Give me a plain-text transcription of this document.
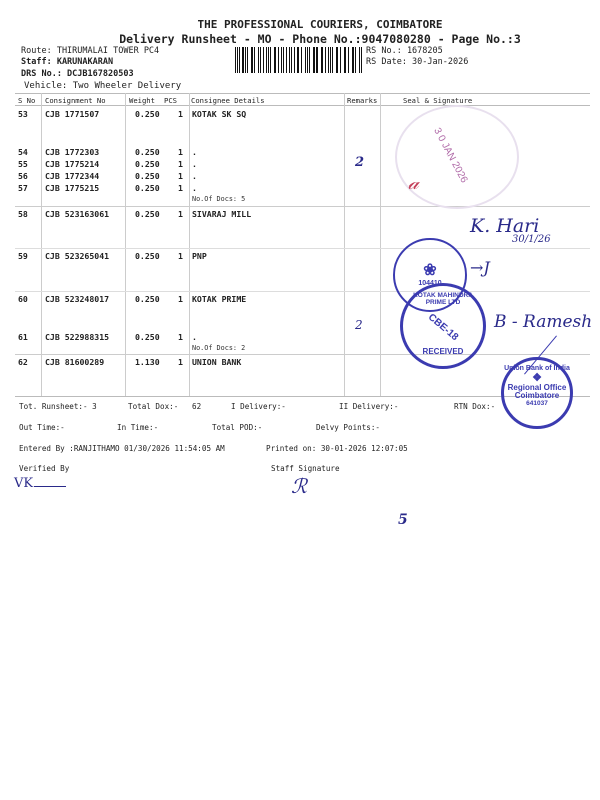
THE PROFESSIONAL COURIERS, COIMBATORE
Delivery Runsheet - MO - Phone No.:9047080280 - Page No.:3
Route: THIRUMALAI TOWER PC4
Staff: KARUNAKARAN
DRS No.: DCJB167820503
Vehicle: Two Wheeler Delivery
RS No.: 1678205
RS Date: 30-Jan-2026
S No Consignment No	Weight PCS Consignee Details	Remarks	Seal & Signature
53 CJB 1771507	0.250 1 KOTAK SK SQ
54 CJB 1772303	0.250 1 .
55 CJB 1775214	0.250 1 .
56 CJB 1772344	0.250 1 .
57 CJB 1775215	0.250 1 .
No.Of Docs: 5
58 CJB 523163061	0.250 1 SIVARAJ MILL
59 CJB 523265041	0.250 1 PNP
60 CJB 523248017	0.250 1 KOTAK PRIME
61 CJB 522988315	0.250 1 .
No.Of Docs: 2
62 CJB 81600289	1.130 1 UNION BANK
2
2
3 0 JAN 2026
𝒶
K. Hari
30/1/26
❀
104410
→J
KOTAK MAHINDRA PRIME LTD
CBE-18
RECEIVED
B - Ramesh
Union Bank of India
❖
Regional Office
Coimbatore
641037
Tot. Runsheet:- 3	Total Dox:-   62	I Delivery:-	II Delivery:-	RTN Dox:-
Out Time:-	In Time:-	Total POD:-	Delvy Points:-
Entered By :RANJITHAMO 01/30/2026 11:54:05 AM	Printed on: 30-01-2026 12:07:05
Verified By	Staff Signature
VK	ℛ
5
